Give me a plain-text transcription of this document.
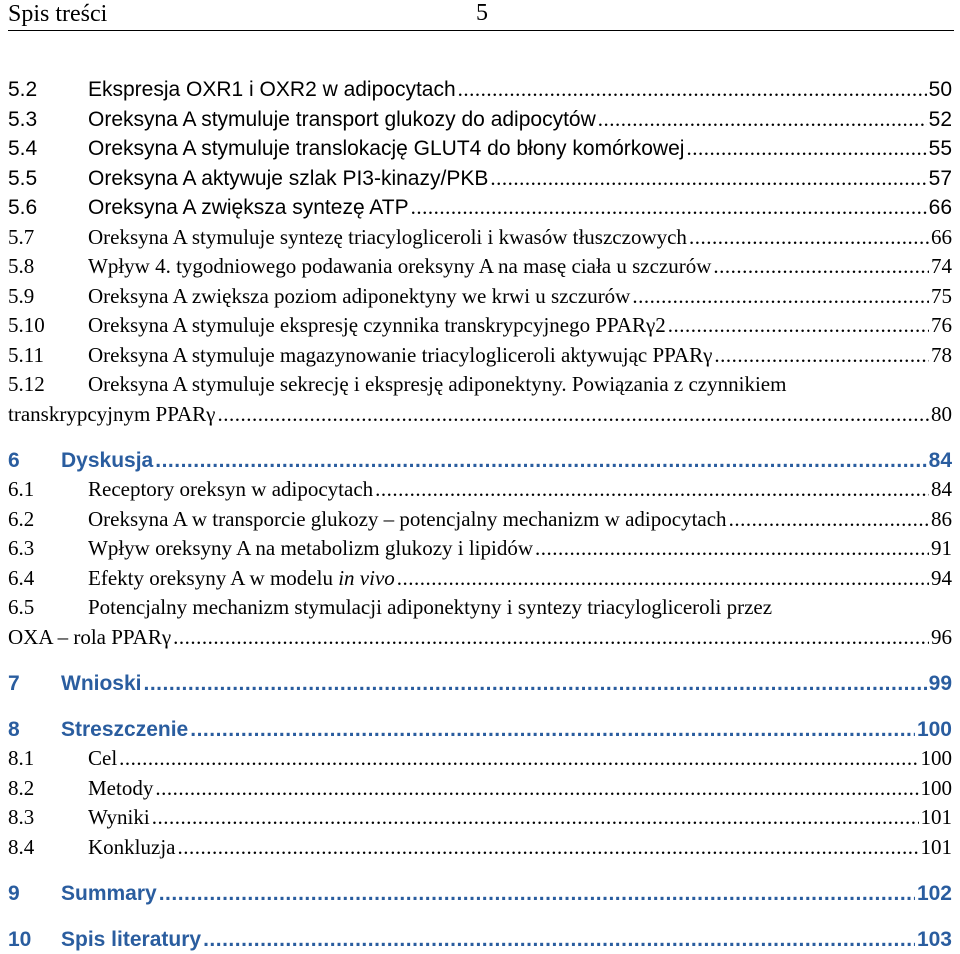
Spis treści	5
5.2	Ekspresja OXR1 i OXR2 w adipocytach .....	50
5.3	Oreksyna A stymuluje transport glukozy do adipocytów .....	52
5.4	Oreksyna A stymuluje translokację GLUT4 do błony komórkowej .....	55
5.5	Oreksyna A aktywuje szlak PI3-kinazy/PKB .....	57
5.6	Oreksyna A zwiększa syntezę ATP .....	66
5.7	Oreksyna A stymuluje syntezę triacylogliceroli i kwasów tłuszczowych .....	66
5.8	Wpływ 4. tygodniowego podawania oreksyny A na masę ciała u szczurów .....	74
5.9	Oreksyna A zwiększa poziom adiponektyny we krwi u szczurów .....	75
5.10	Oreksyna A stymuluje ekspresję czynnika transkrypcyjnego PPARγ2 .....	76
5.11	Oreksyna A stymuluje magazynowanie triacylogliceroli aktywując PPARγ .....	78
5.12	Oreksyna A stymuluje sekrecję i ekspresję adiponektyny. Powiązania z czynnikiem
transkrypcyjnym PPARγ .....	80
6	Dyskusja .....	84
6.1	Receptory oreksyn w adipocytach .....	84
6.2	Oreksyna A w transporcie glukozy – potencjalny mechanizm w adipocytach .....	86
6.3	Wpływ oreksyny A na metabolizm glukozy i lipidów .....	91
6.4	Efekty oreksyny A w modelu in vivo .....	94
6.5	Potencjalny mechanizm stymulacji adiponektyny i syntezy triacylogliceroli przez
OXA – rola PPARγ .....	96
7	Wnioski .....	99
8	Streszczenie .....	100
8.1	Cel .....	100
8.2	Metody .....	100
8.3	Wyniki .....	101
8.4	Konkluzja .....	101
9	Summary .....	102
10	Spis literatury .....	103
